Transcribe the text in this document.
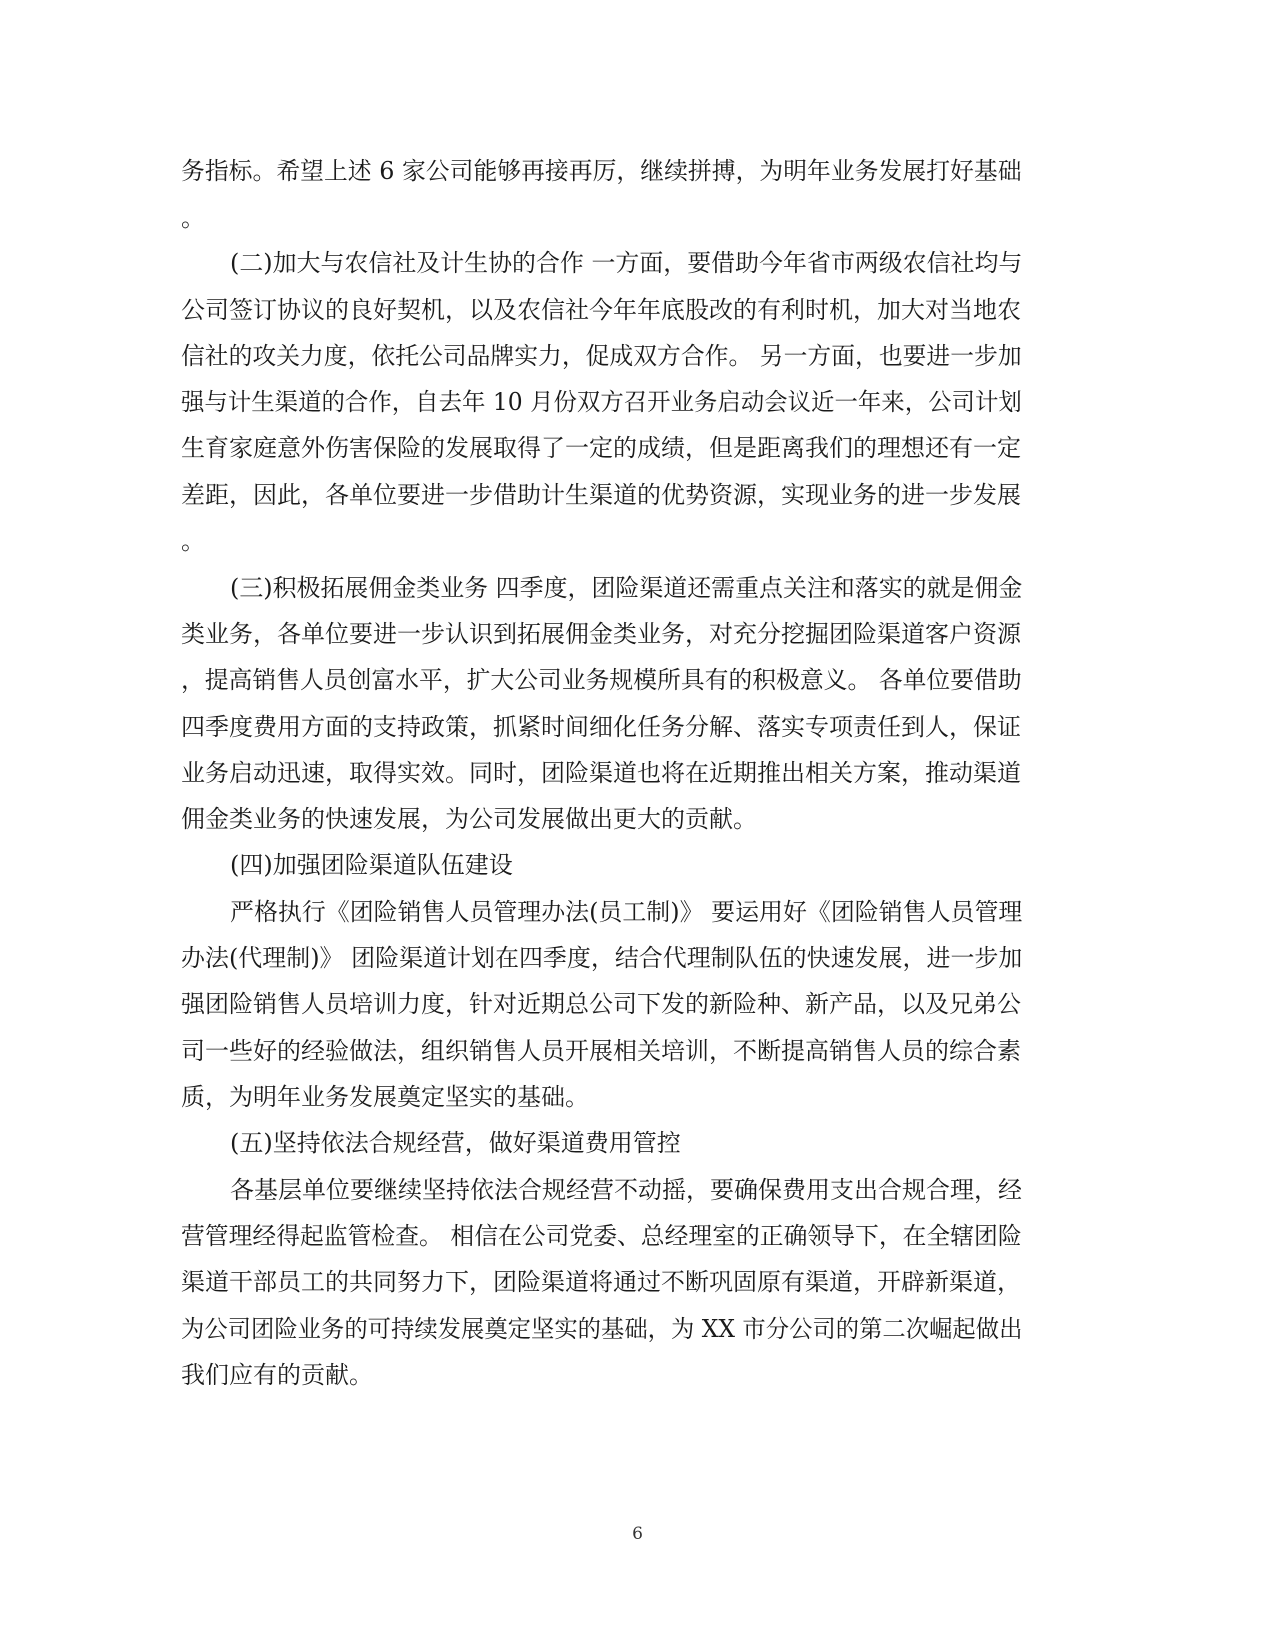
务指标。希望上述 6 家公司能够再接再厉，继续拼搏，为明年业务发展打好基础

。

(二)加大与农信社及计生协的合作 一方面，要借助今年省市两级农信社均与

公司签订协议的良好契机，以及农信社今年年底股改的有利时机，加大对当地农

信社的攻关力度，依托公司品牌实力，促成双方合作。 另一方面，也要进一步加

强与计生渠道的合作，自去年 10 月份双方召开业务启动会议近一年来，公司计划

生育家庭意外伤害保险的发展取得了一定的成绩，但是距离我们的理想还有一定

差距，因此，各单位要进一步借助计生渠道的优势资源，实现业务的进一步发展

。

(三)积极拓展佣金类业务 四季度，团险渠道还需重点关注和落实的就是佣金

类业务，各单位要进一步认识到拓展佣金类业务，对充分挖掘团险渠道客户资源

，提高销售人员创富水平，扩大公司业务规模所具有的积极意义。 各单位要借助

四季度费用方面的支持政策，抓紧时间细化任务分解、落实专项责任到人，保证

业务启动迅速，取得实效。同时，团险渠道也将在近期推出相关方案，推动渠道

佣金类业务的快速发展，为公司发展做出更大的贡献。

(四)加强团险渠道队伍建设

严格执行《团险销售人员管理办法(员工制)》 要运用好《团险销售人员管理

办法(代理制)》 团险渠道计划在四季度，结合代理制队伍的快速发展，进一步加

强团险销售人员培训力度，针对近期总公司下发的新险种、新产品，以及兄弟公

司一些好的经验做法，组织销售人员开展相关培训，不断提高销售人员的综合素

质，为明年业务发展奠定坚实的基础。

(五)坚持依法合规经营，做好渠道费用管控

各基层单位要继续坚持依法合规经营不动摇，要确保费用支出合规合理，经

营管理经得起监管检查。 相信在公司党委、总经理室的正确领导下，在全辖团险

渠道干部员工的共同努力下，团险渠道将通过不断巩固原有渠道，开辟新渠道，

为公司团险业务的可持续发展奠定坚实的基础，为 XX 市分公司的第二次崛起做出

我们应有的贡献。

6
